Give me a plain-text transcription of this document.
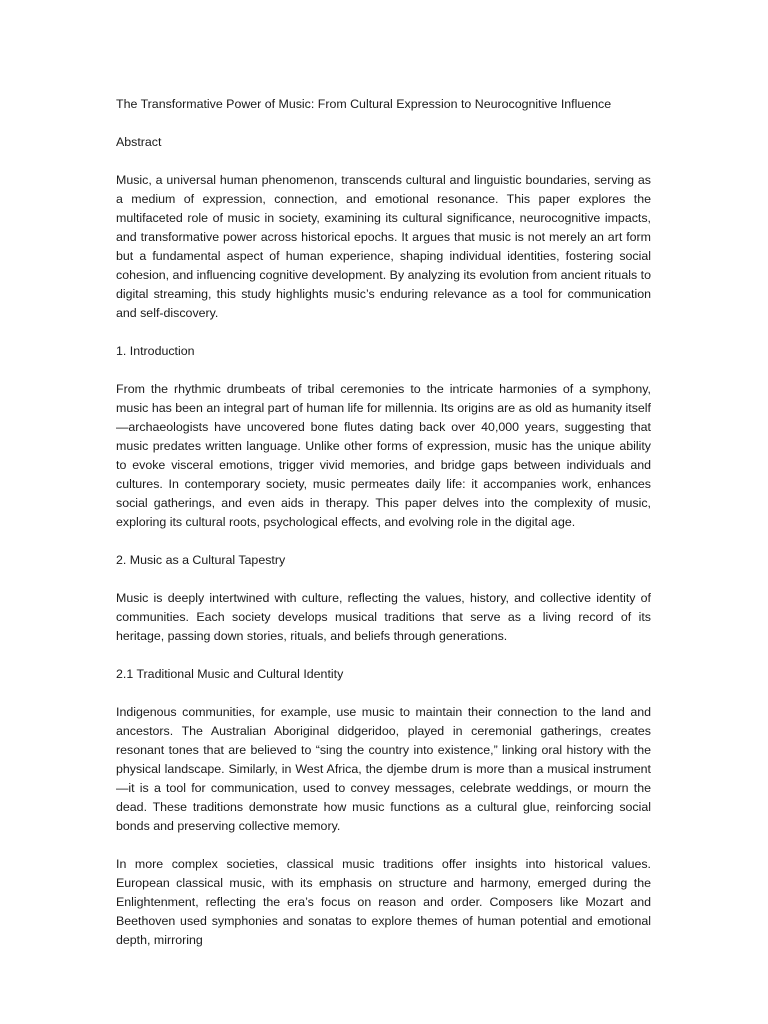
The Transformative Power of Music: From Cultural Expression to Neurocognitive Influence

Abstract

Music, a universal human phenomenon, transcends cultural and linguistic boundaries, serving as a medium of expression, connection, and emotional resonance. This paper explores the multifaceted role of music in society, examining its cultural significance, neurocognitive impacts, and transformative power across historical epochs. It argues that music is not merely an art form but a fundamental aspect of human experience, shaping individual identities, fostering social cohesion, and influencing cognitive development. By analyzing its evolution from ancient rituals to digital streaming, this study highlights music’s enduring relevance as a tool for communication and self-discovery.

1. Introduction

From the rhythmic drumbeats of tribal ceremonies to the intricate harmonies of a symphony, music has been an integral part of human life for millennia. Its origins are as old as humanity itself—archaeologists have uncovered bone flutes dating back over 40,000 years, suggesting that music predates written language. Unlike other forms of expression, music has the unique ability to evoke visceral emotions, trigger vivid memories, and bridge gaps between individuals and cultures. In contemporary society, music permeates daily life: it accompanies work, enhances social gatherings, and even aids in therapy. This paper delves into the complexity of music, exploring its cultural roots, psychological effects, and evolving role in the digital age.

2. Music as a Cultural Tapestry

Music is deeply intertwined with culture, reflecting the values, history, and collective identity of communities. Each society develops musical traditions that serve as a living record of its heritage, passing down stories, rituals, and beliefs through generations.

2.1 Traditional Music and Cultural Identity

Indigenous communities, for example, use music to maintain their connection to the land and ancestors. The Australian Aboriginal didgeridoo, played in ceremonial gatherings, creates resonant tones that are believed to “sing the country into existence,” linking oral history with the physical landscape. Similarly, in West Africa, the djembe drum is more than a musical instrument—it is a tool for communication, used to convey messages, celebrate weddings, or mourn the dead. These traditions demonstrate how music functions as a cultural glue, reinforcing social bonds and preserving collective memory.

In more complex societies, classical music traditions offer insights into historical values. European classical music, with its emphasis on structure and harmony, emerged during the Enlightenment, reflecting the era’s focus on reason and order. Composers like Mozart and Beethoven used symphonies and sonatas to explore themes of human potential and emotional depth, mirroring
